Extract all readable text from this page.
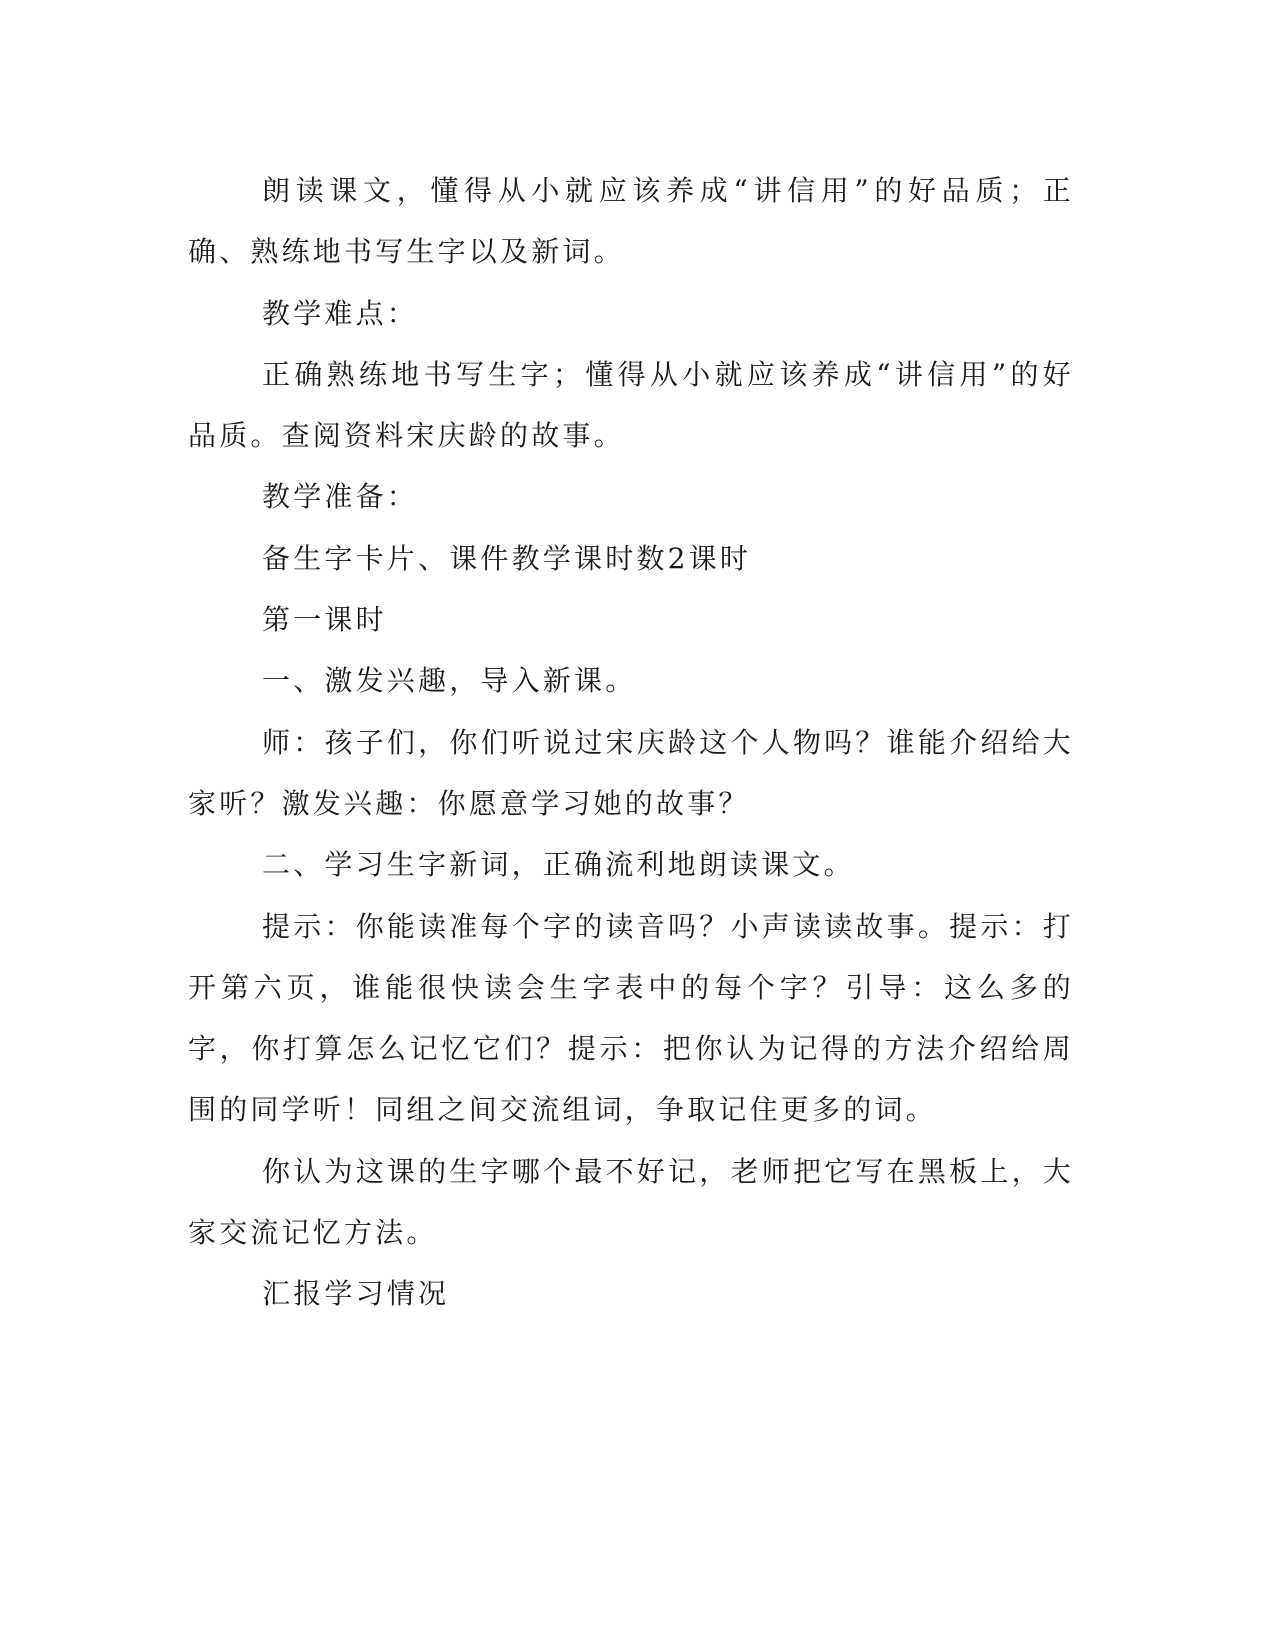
朗读课文，懂得从小就应该养成“讲信用”的好品质；正确、熟练地书写生字以及新词。

教学难点：

正确熟练地书写生字；懂得从小就应该养成“讲信用”的好品质。查阅资料宋庆龄的故事。

教学准备：

备生字卡片、课件教学课时数2课时

第一课时

一、激发兴趣，导入新课。

师：孩子们，你们听说过宋庆龄这个人物吗？谁能介绍给大家听？激发兴趣：你愿意学习她的故事？

二、学习生字新词，正确流利地朗读课文。

提示：你能读准每个字的读音吗？小声读读故事。提示：打开第六页，谁能很快读会生字表中的每个字？引导：这么多的字，你打算怎么记忆它们？提示：把你认为记得的方法介绍给周围的同学听！同组之间交流组词，争取记住更多的词。

你认为这课的生字哪个最不好记，老师把它写在黑板上，大家交流记忆方法。

汇报学习情况
